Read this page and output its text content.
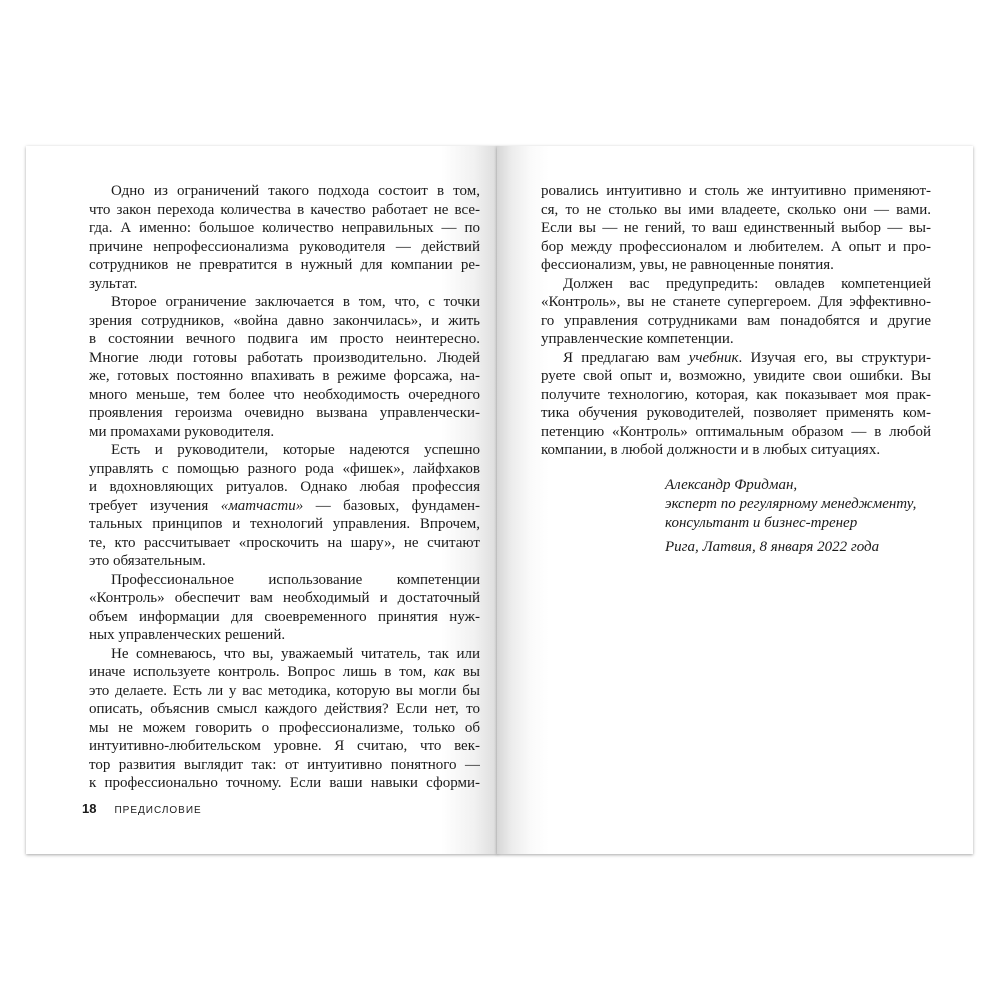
Одно из ограничений такого подхода состоит в том,
что закон перехода количества в качество работает не все-
гда. А именно: большое количество неправильных — по
причине непрофессионализма руководителя — действий
сотрудников не превратится в нужный для компании ре-
зультат.
Второе ограничение заключается в том, что, с точки
зрения сотрудников, «война давно закончилась», и жить
в состоянии вечного подвига им просто неинтересно.
Многие люди готовы работать производительно. Людей
же, готовых постоянно впахивать в режиме форсажа, на-
много меньше, тем более что необходимость очередного
проявления героизма очевидно вызвана управленчески-
ми промахами руководителя.
Есть и руководители, которые надеются успешно
управлять с помощью разного рода «фишек», лайфхаков
и вдохновляющих ритуалов. Однако любая профессия
требует изучения «матчасти» — базовых, фундамен-
тальных принципов и технологий управления. Впрочем,
те, кто рассчитывает «проскочить на шару», не считают
это обязательным.
Профессиональное использование компетенции
«Контроль» обеспечит вам необходимый и достаточный
объем информации для своевременного принятия нуж-
ных управленческих решений.
Не сомневаюсь, что вы, уважаемый читатель, так или
иначе используете контроль. Вопрос лишь в том, как вы
это делаете. Есть ли у вас методика, которую вы могли бы
описать, объяснив смысл каждого действия? Если нет, то
мы не можем говорить о профессионализме, только об
интуитивно-любительском уровне. Я считаю, что век-
тор развития выглядит так: от интуитивно понятного —
к профессионально точному. Если ваши навыки сформи-
18 ПРЕДИСЛОВИЕ
ровались интуитивно и столь же интуитивно применяют-
ся, то не столько вы ими владеете, сколько они — вами.
Если вы — не гений, то ваш единственный выбор — вы-
бор между профессионалом и любителем. А опыт и про-
фессионализм, увы, не равноценные понятия.
Должен вас предупредить: овладев компетенцией
«Контроль», вы не станете супергероем. Для эффективно-
го управления сотрудниками вам понадобятся и другие
управленческие компетенции.
Я предлагаю вам учебник. Изучая его, вы структури-
руете свой опыт и, возможно, увидите свои ошибки. Вы
получите технологию, которая, как показывает моя прак-
тика обучения руководителей, позволяет применять ком-
петенцию «Контроль» оптимальным образом — в любой
компании, в любой должности и в любых ситуациях.
Александр Фридман,
эксперт по регулярному менеджменту,
консультант и бизнес-тренер
Рига, Латвия, 8 января 2022 года
